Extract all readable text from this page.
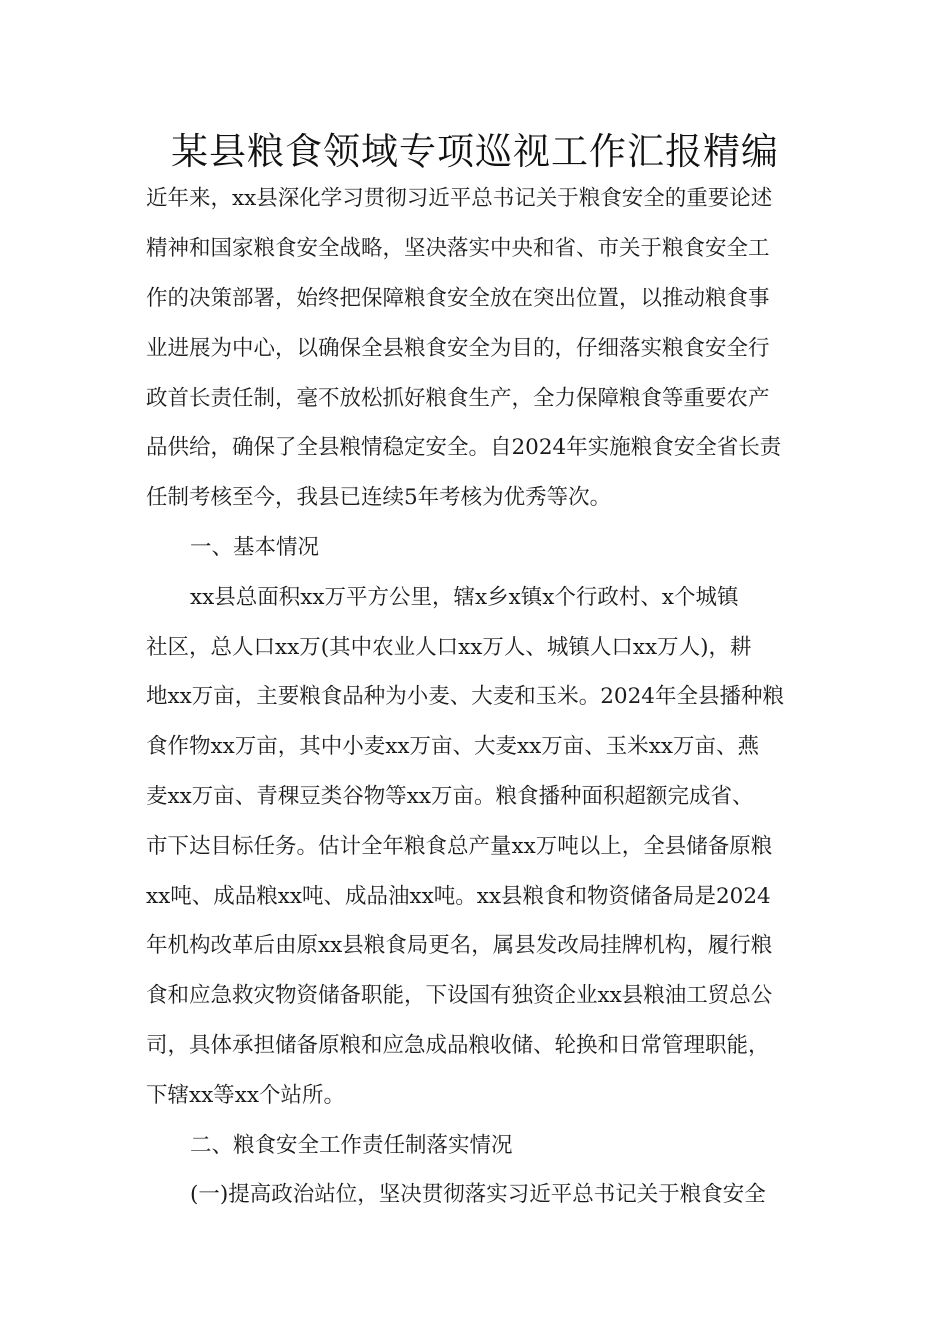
某县粮食领域专项巡视工作汇报精编
近年来，xx县深化学习贯彻习近平总书记关于粮食安全的重要论述
精神和国家粮食安全战略，坚决落实中央和省、市关于粮食安全工
作的决策部署，始终把保障粮食安全放在突出位置，以推动粮食事
业进展为中心，以确保全县粮食安全为目的，仔细落实粮食安全行
政首长责任制，毫不放松抓好粮食生产，全力保障粮食等重要农产
品供给，确保了全县粮情稳定安全。自2024年实施粮食安全省长责
任制考核至今，我县已连续5年考核为优秀等次。
一、基本情况
xx县总面积xx万平方公里，辖x乡x镇x个行政村、x个城镇
社区，总人口xx万(其中农业人口xx万人、城镇人口xx万人)，耕
地xx万亩，主要粮食品种为小麦、大麦和玉米。2024年全县播种粮
食作物xx万亩，其中小麦xx万亩、大麦xx万亩、玉米xx万亩、燕
麦xx万亩、青稞豆类谷物等xx万亩。粮食播种面积超额完成省、
市下达目标任务。估计全年粮食总产量xx万吨以上，全县储备原粮
xx吨、成品粮xx吨、成品油xx吨。xx县粮食和物资储备局是2024
年机构改革后由原xx县粮食局更名，属县发改局挂牌机构，履行粮
食和应急救灾物资储备职能，下设国有独资企业xx县粮油工贸总公
司，具体承担储备原粮和应急成品粮收储、轮换和日常管理职能，
下辖xx等xx个站所。
二、粮食安全工作责任制落实情况
(一)提高政治站位，坚决贯彻落实习近平总书记关于粮食安全
